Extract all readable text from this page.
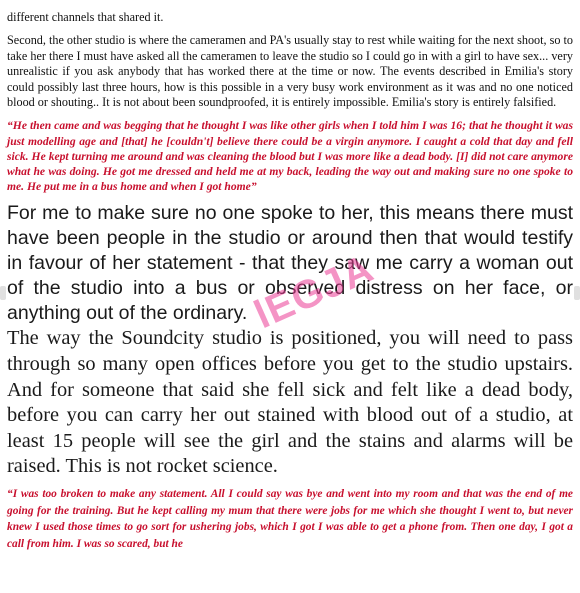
different channels that shared it.

Second, the other studio is where the cameramen and PA's usually stay to rest while waiting for the next shoot, so to take her there I must have asked all the cameramen to leave the studio so I could go in with a girl to have sex... very unrealistic if you ask anybody that has worked there at the time or now. The events described in Emilia's story could possibly last three hours, how is this possible in a very busy work environment as it was and no one noticed blood or shouting.. It is not about been soundproofed, it is entirely impossible. Emilia's story is entirely falsified.

“He then came and was begging that he thought I was like other girls when I told him I was 16; that he thought it was just modelling age and [that] he [couldn't] believe there could be a virgin anymore. I caught a cold that day and fell sick. He kept turning me around and was cleaning the blood but I was more like a dead body. [I] did not care anymore what he was doing. He got me dressed and held me at my back, leading the way out and making sure no one spoke to me. He put me in a bus home and when I got home”

For me to make sure no one spoke to her, this means there must have been people in the studio or around then that would testify in favour of her statement - that they saw me carry a woman out of the studio into a bus or observed distress on her face, or anything out of the ordinary.

The way the Soundcity studio is positioned, you will need to pass through so many open offices before you get to the studio upstairs. And for someone that said she fell sick and felt like a dead body, before you can carry her out stained with blood out of a studio, at least 15 people will see the girl and the stains and alarms will be raised. This is not rocket science.

“I was too broken to make any statement. All I could say was bye and went into my room and that was the end of me going for the training. But he kept calling my mum that there were jobs for me which she thought I went to, but never knew I used those times to go sort for ushering jobs, which I got I was able to get a phone from. Then one day, I got a call from him. I was so scared, but he

lEGJA
